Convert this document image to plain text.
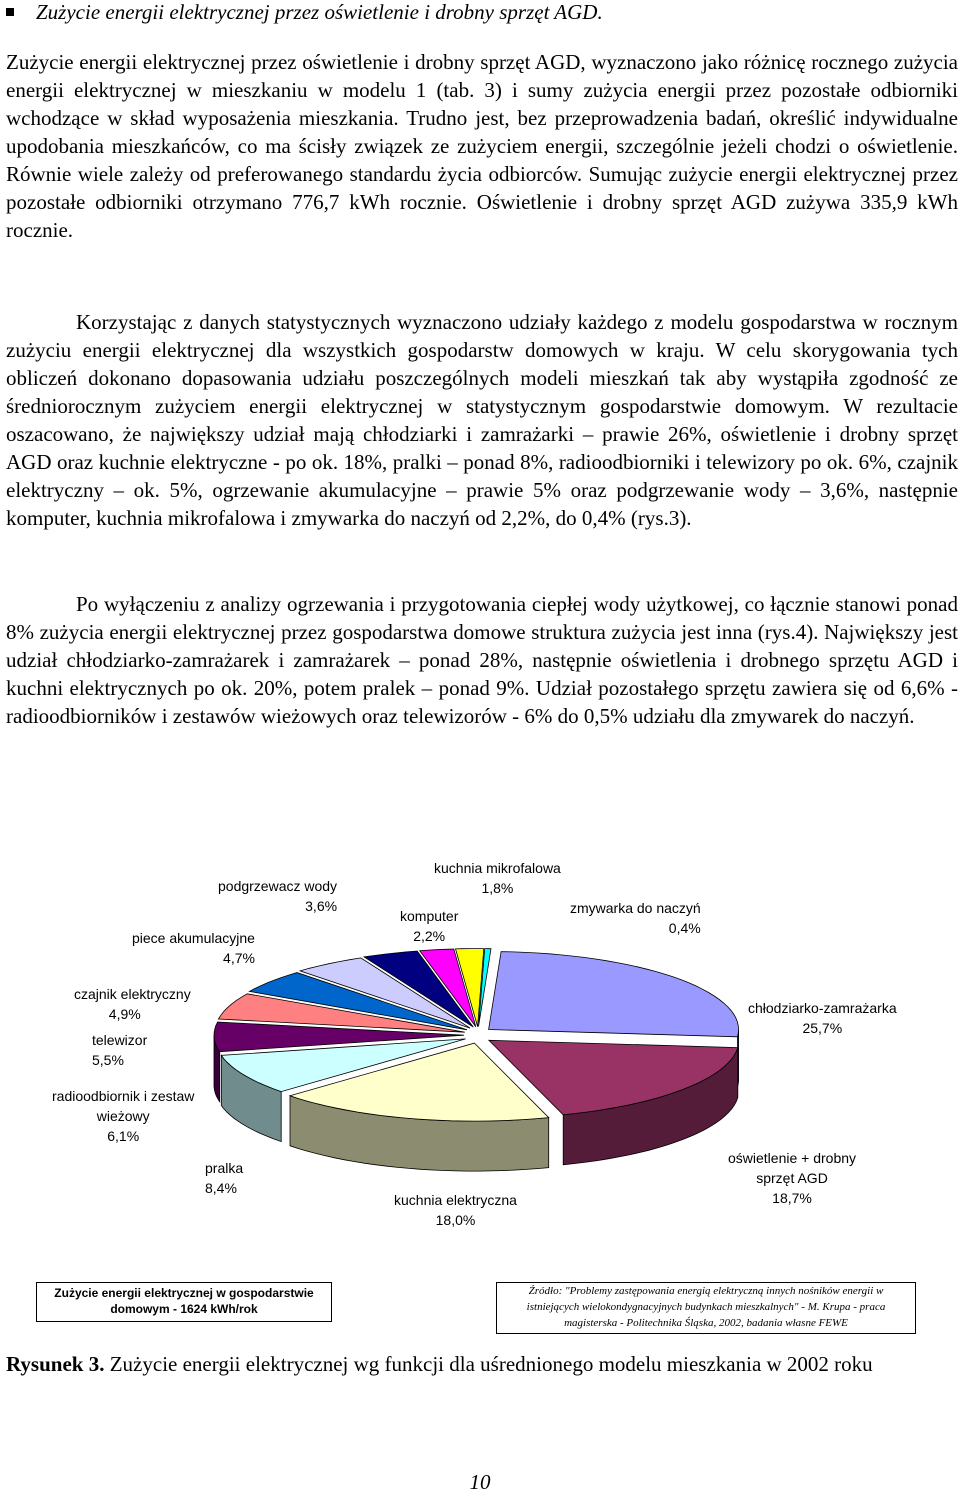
Zużycie energii elektrycznej przez oświetlenie i drobny sprzęt AGD.

Zużycie energii elektrycznej przez oświetlenie i drobny sprzęt AGD, wyznaczono jako różnicę rocznego zużycia energii elektrycznej w mieszkaniu w modelu 1 (tab. 3) i sumy zużycia energii przez pozostałe odbiorniki wchodzące w skład wyposażenia mieszkania. Trudno jest, bez przeprowadzenia badań, określić indywidualne upodobania mieszkańców, co ma ścisły związek ze zużyciem energii, szczególnie jeżeli chodzi o oświetlenie. Równie wiele zależy od preferowanego standardu życia odbiorców. Sumując zużycie energii elektrycznej przez pozostałe odbiorniki otrzymano 776,7 kWh rocznie. Oświetlenie i drobny sprzęt AGD zużywa 335,9 kWh rocznie.

Korzystając z danych statystycznych wyznaczono udziały każdego z modelu gospodarstwa w rocznym zużyciu energii elektrycznej dla wszystkich gospodarstw domowych w kraju. W celu skorygowania tych obliczeń dokonano dopasowania udziału poszczególnych modeli mieszkań tak aby wystąpiła zgodność ze średniorocznym zużyciem energii elektrycznej w statystycznym gospodarstwie domowym. W rezultacie oszacowano, że największy udział mają chłodziarki i zamrażarki – prawie 26%, oświetlenie i drobny sprzęt AGD oraz kuchnie elektryczne - po ok. 18%, pralki – ponad 8%, radioodbiorniki i telewizory po ok. 6%, czajnik elektryczny – ok. 5%, ogrzewanie akumulacyjne – prawie 5% oraz podgrzewanie wody – 3,6%, następnie komputer, kuchnia mikrofalowa i zmywarka do naczyń od 2,2%, do 0,4% (rys.3).

Po wyłączeniu z analizy ogrzewania i przygotowania ciepłej wody użytkowej, co łącznie stanowi ponad 8% zużycia energii elektrycznej przez gospodarstwa domowe struktura zużycia jest inna (rys.4). Największy jest udział chłodziarko-zamrażarek i zamrażarek – ponad 28%, następnie oświetlenia i drobnego sprzętu AGD i kuchni elektrycznych po ok. 20%, potem pralek – ponad 9%. Udział pozostałego sprzętu zawiera się od 6,6% - radioodbiorników i zestawów wieżowych oraz telewizorów - 6% do 0,5% udziału dla zmywarek do naczyń.

podgrzewacz wody
3,6%
piece akumulacyjne
4,7%
komputer
2,2%
kuchnia mikrofalowa
1,8%
zmywarka do naczyń
0,4%
czajnik elektryczny
4,9%
telewizor
5,5%
chłodziarko-zamrażarka
25,7%
radioodbiornik i zestaw
wieżowy
6,1%
pralka
8,4%
kuchnia elektryczna
18,0%
oświetlenie + drobny
sprzęt AGD
18,7%
Zużycie energii elektrycznej w gospodarstwie
domowym - 1624 kWh/rok
Źródło: "Problemy zastępowania energią elektryczną innych nośników energii w
istniejących wielokondygnacyjnych budynkach mieszkalnych" - M. Krupa - praca
magisterska - Politechnika Śląska, 2002, badania własne FEWE
Rysunek 3. Zużycie energii elektrycznej wg funkcji dla uśrednionego modelu mieszkania w 2002 roku
10
